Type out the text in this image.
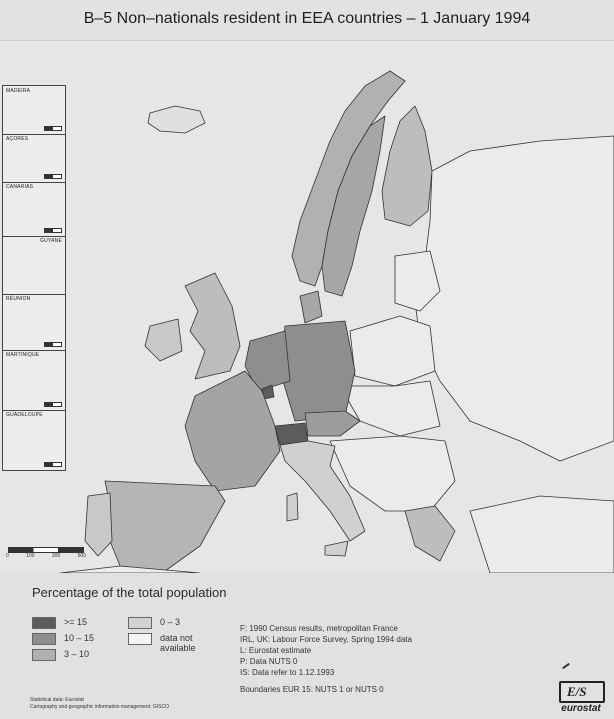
B–5 Non–nationals resident in EEA countries – 1 January 1994
MADEIRA
AÇORES
CANARIAS
GUYANE
RÉUNION
MARTINIQUE
GUADELOUPE
0	100	300	500
Percentage of the total population
>= 15
10 – 15
3 – 10
0 – 3
data not available
F: 1990 Census results, metropolitan France
IRL, UK: Labour Force Survey, Spring 1994 data
L: Eurostat estimate
P: Data NUTS 0
IS: Data refer to 1.12.1993
Boundaries EUR 15: NUTS 1 or NUTS 0
Statistical data: Eurostat
Cartography and geographic information management: GISCO
E/S
eurostat
